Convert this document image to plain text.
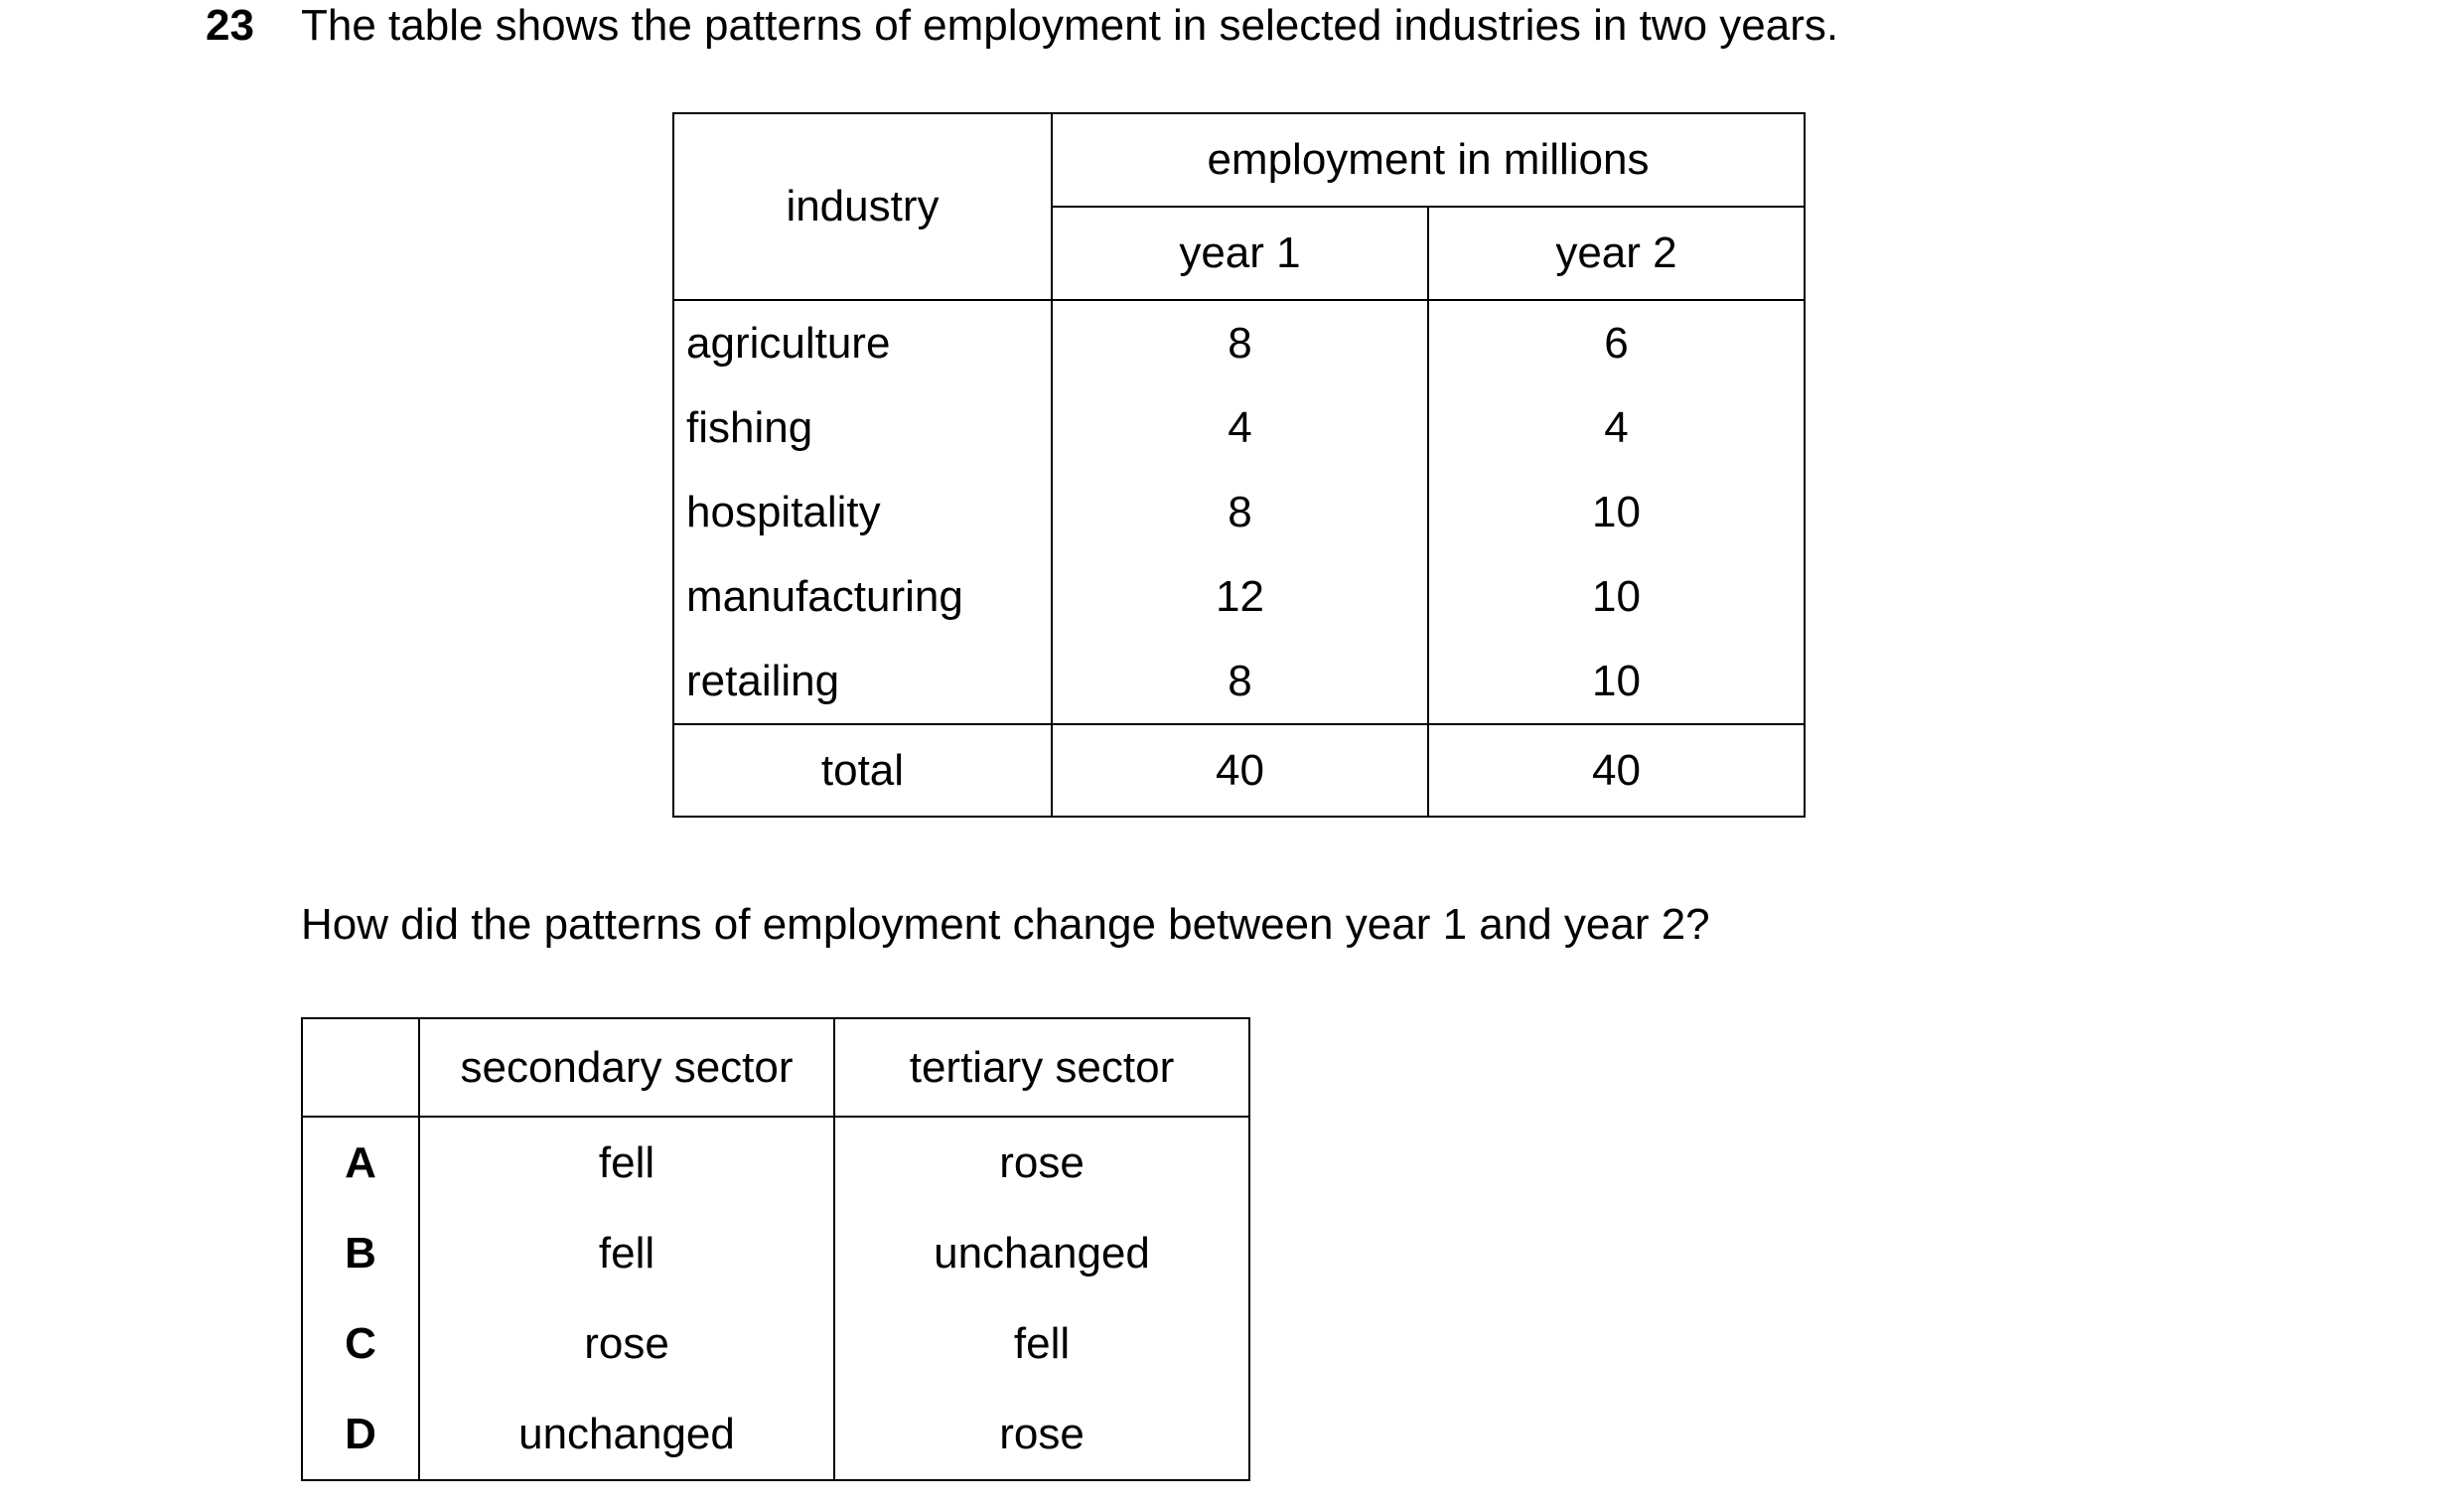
23 The table shows the patterns of employment in selected industries in two years.
industry	employment in millions	
	year 1	year 2
agriculture	8	6
fishing	4	4
hospitality	8	10
manufacturing	12	10
retailing	8	10
total	40	40
How did the patterns of employment change between year 1 and year 2?
	secondary sector	tertiary sector
A	fell	rose
B	fell	unchanged
C	rose	fell
D	unchanged	rose
